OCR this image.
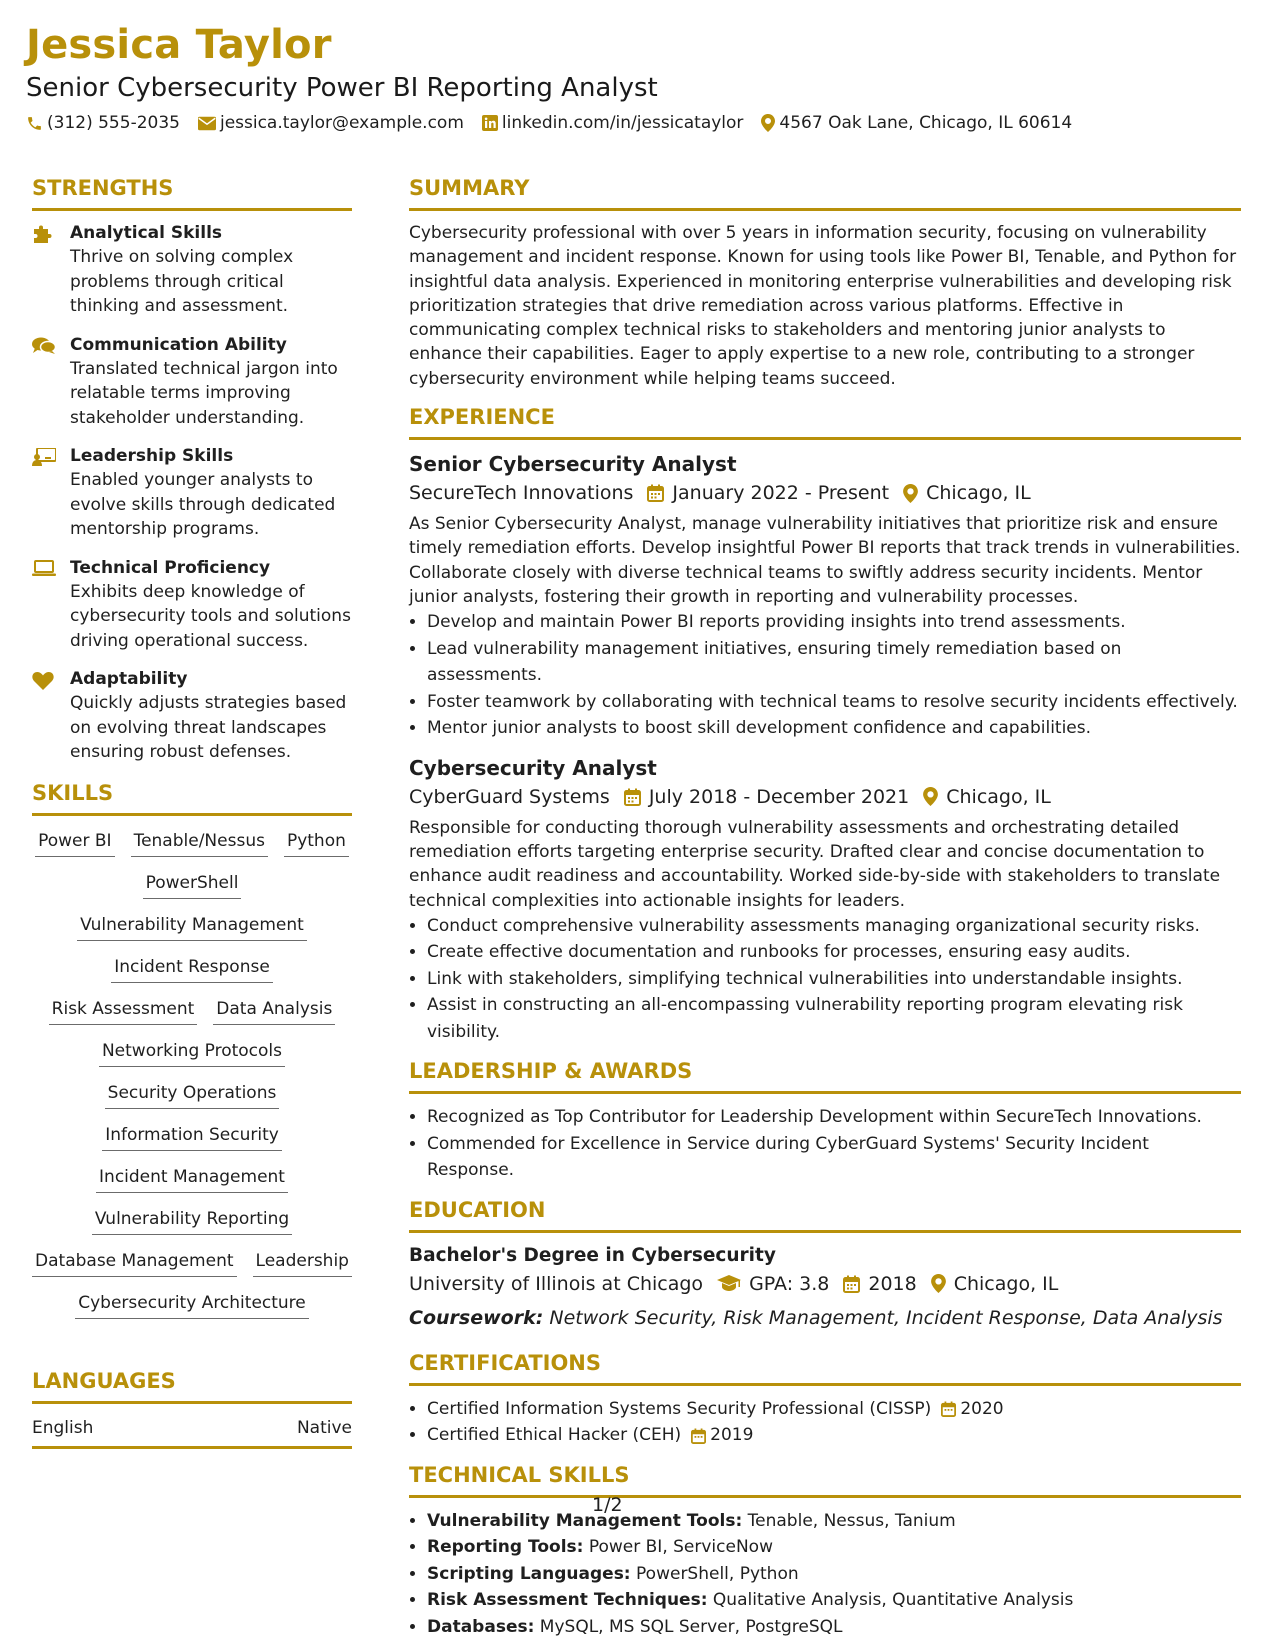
Jessica Taylor
Senior Cybersecurity Power BI Reporting Analyst
(312) 555-2035 jessica.taylor@example.com linkedin.com/in/jessicataylor 4567 Oak Lane, Chicago, IL 60614
STRENGTHS
Analytical Skills
Thrive on solving complex problems through critical thinking and assessment.
Communication Ability
Translated technical jargon into relatable terms improving stakeholder understanding.
Leadership Skills
Enabled younger analysts to evolve skills through dedicated mentorship programs.
Technical Proficiency
Exhibits deep knowledge of cybersecurity tools and solutions driving operational success.
Adaptability
Quickly adjusts strategies based on evolving threat landscapes ensuring robust defenses.
SKILLS
Power BI Tenable/Nessus Python
PowerShell
Vulnerability Management
Incident Response
Risk Assessment Data Analysis
Networking Protocols
Security Operations
Information Security
Incident Management
Vulnerability Reporting
Database Management Leadership
Cybersecurity Architecture
LANGUAGES
English	Native
SUMMARY
Cybersecurity professional with over 5 years in information security, focusing on vulnerability management and incident response. Known for using tools like Power BI, Tenable, and Python for insightful data analysis. Experienced in monitoring enterprise vulnerabilities and developing risk prioritization strategies that drive remediation across various platforms. Effective in communicating complex technical risks to stakeholders and mentoring junior analysts to enhance their capabilities. Eager to apply expertise to a new role, contributing to a stronger cybersecurity environment while helping teams succeed.
EXPERIENCE
Senior Cybersecurity Analyst
SecureTech Innovations January 2022 - Present Chicago, IL
As Senior Cybersecurity Analyst, manage vulnerability initiatives that prioritize risk and ensure timely remediation efforts. Develop insightful Power BI reports that track trends in vulnerabilities. Collaborate closely with diverse technical teams to swiftly address security incidents. Mentor junior analysts, fostering their growth in reporting and vulnerability processes.
• Develop and maintain Power BI reports providing insights into trend assessments.
• Lead vulnerability management initiatives, ensuring timely remediation based on assessments.
• Foster teamwork by collaborating with technical teams to resolve security incidents effectively.
• Mentor junior analysts to boost skill development confidence and capabilities.
Cybersecurity Analyst
CyberGuard Systems July 2018 - December 2021 Chicago, IL
Responsible for conducting thorough vulnerability assessments and orchestrating detailed remediation efforts targeting enterprise security. Drafted clear and concise documentation to enhance audit readiness and accountability. Worked side-by-side with stakeholders to translate technical complexities into actionable insights for leaders.
• Conduct comprehensive vulnerability assessments managing organizational security risks.
• Create effective documentation and runbooks for processes, ensuring easy audits.
• Link with stakeholders, simplifying technical vulnerabilities into understandable insights.
• Assist in constructing an all-encompassing vulnerability reporting program elevating risk visibility.
LEADERSHIP & AWARDS
• Recognized as Top Contributor for Leadership Development within SecureTech Innovations.
• Commended for Excellence in Service during CyberGuard Systems' Security Incident Response.
EDUCATION
Bachelor's Degree in Cybersecurity
University of Illinois at Chicago GPA: 3.8 2018 Chicago, IL
Coursework: Network Security, Risk Management, Incident Response, Data Analysis
CERTIFICATIONS
• Certified Information Systems Security Professional (CISSP) 2020
• Certified Ethical Hacker (CEH) 2019
TECHNICAL SKILLS
• Vulnerability Management Tools: Tenable, Nessus, Tanium
• Reporting Tools: Power BI, ServiceNow
• Scripting Languages: PowerShell, Python
• Risk Assessment Techniques: Qualitative Analysis, Quantitative Analysis
• Databases: MySQL, MS SQL Server, PostgreSQL
1/2
